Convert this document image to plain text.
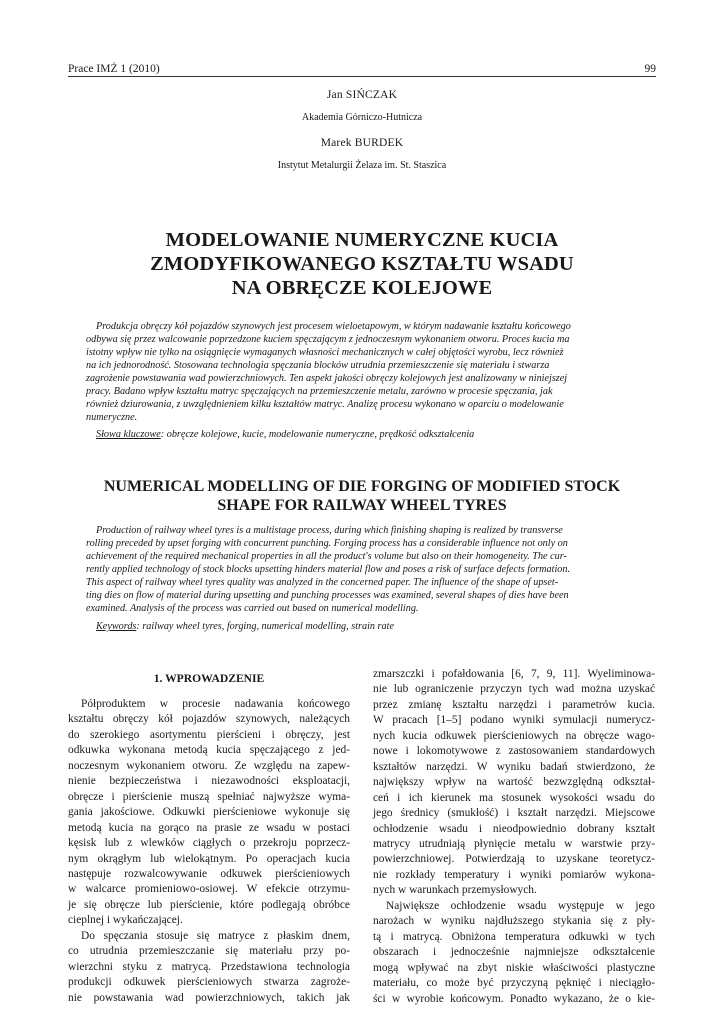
Prace IMŻ 1 (2010)	99
Jan SIŃCZAK
Akademia Górniczo-Hutnicza
Marek BURDEK
Instytut Metalurgii Żelaza im. St. Staszica
MODELOWANIE NUMERYCZNE KUCIA
ZMODYFIKOWANEGO KSZTAŁTU WSADU
NA OBRĘCZE KOLEJOWE
Produkcja obręczy kół pojazdów szynowych jest procesem wieloetapowym, w którym nadawanie kształtu końcowego
odbywa się przez walcowanie poprzedzone kuciem spęczającym z jednoczesnym wykonaniem otworu. Proces kucia ma
istotny wpływ nie tylko na osiągnięcie wymaganych własności mechanicznych w całej objętości wyrobu, lecz również
na ich jednorodność. Stosowana technologia spęczania blocków utrudnia przemieszczenie się materiału i stwarza
zagrożenie powstawania wad powierzchniowych. Ten aspekt jakości obręczy kolejowych jest analizowany w niniejszej
pracy. Badano wpływ kształtu matryc spęczających na przemieszczenie metalu, zarówno w procesie spęczania, jak
również dziurowania, z uwzględnieniem kilku kształtów matryc. Analizę procesu wykonano w oparciu o modelowanie
numeryczne.
Słowa kluczowe: obręcze kolejowe, kucie, modelowanie numeryczne, prędkość odkształcenia
NUMERICAL MODELLING OF DIE FORGING OF MODIFIED STOCK
SHAPE FOR RAILWAY WHEEL TYRES
Production of railway wheel tyres is a multistage process, during which finishing shaping is realized by transverse
rolling preceded by upset forging with concurrent punching. Forging process has a considerable influence not only on
achievement of the required mechanical properties in all the product's volume but also on their homogeneity. The cur-
rently applied technology of stock blocks upsetting hinders material flow and poses a risk of surface defects formation.
This aspect of railway wheel tyres quality was analyzed in the concerned paper. The influence of the shape of upset-
ting dies on flow of material during upsetting and punching processes was examined, several shapes of dies have been
examined. Analysis of the process was carried out based on numerical modelling.
Keywords: railway wheel tyres, forging, numerical modelling, strain rate
1. WPROWADZENIE
Półproduktem w procesie nadawania końcowego
kształtu obręczy kół pojazdów szynowych, należących
do szerokiego asortymentu pierścieni i obręczy, jest
odkuwka wykonana metodą kucia spęczającego z jed-
noczesnym wykonaniem otworu. Ze względu na zapew-
nienie bezpieczeństwa i niezawodności eksploatacji,
obręcze i pierścienie muszą spełniać najwyższe wyma-
gania jakościowe. Odkuwki pierścieniowe wykonuje się
metodą kucia na gorąco na prasie ze wsadu w postaci
kęsisk lub z wlewków ciągłych o przekroju poprzecz-
nym okrągłym lub wielokątnym. Po operacjach kucia
następuje rozwalcowywanie odkuwek pierścieniowych
w walcarce promieniowo-osiowej. W efekcie otrzymu-
je się obręcze lub pierścienie, które podlegają obróbce
cieplnej i wykańczającej.
Do spęczania stosuje się matryce z płaskim dnem,
co utrudnia przemieszczanie się materiału przy po-
wierzchni styku z matrycą. Przedstawiona technologia
produkcji odkuwek pierścieniowych stwarza zagroże-
nie powstawania wad powierzchniowych, takich jak
zmarszczki i pofałdowania [6, 7, 9, 11]. Wyeliminowa-
nie lub ograniczenie przyczyn tych wad można uzyskać
przez zmianę kształtu narzędzi i parametrów kucia.
W pracach [1–5] podano wyniki symulacji numerycz-
nych kucia odkuwek pierścieniowych na obręcze wago-
nowe i lokomotywowe z zastosowaniem standardowych
kształtów narzędzi. W wyniku badań stwierdzono, że
największy wpływ na wartość bezwzględną odkształ-
ceń i ich kierunek ma stosunek wysokości wsadu do
jego średnicy (smukłość) i kształt narzędzi. Miejscowe
ochłodzenie wsadu i nieodpowiednio dobrany kształt
matrycy utrudniają płynięcie metalu w warstwie przy-
powierzchniowej. Potwierdzają to uzyskane teoretycz-
nie rozkłady temperatury i wyniki pomiarów wykona-
nych w warunkach przemysłowych.
Największe ochłodzenie wsadu występuje w jego
narożach w wyniku najdłuższego stykania się z pły-
tą i matrycą. Obniżona temperatura odkuwki w tych
obszarach i jednocześnie najmniejsze odkształcenie
mogą wpływać na zbyt niskie właściwości plastyczne
materiału, co może być przyczyną pęknięć i nieciągło-
ści w wyrobie końcowym. Ponadto wykazano, że o kie-
